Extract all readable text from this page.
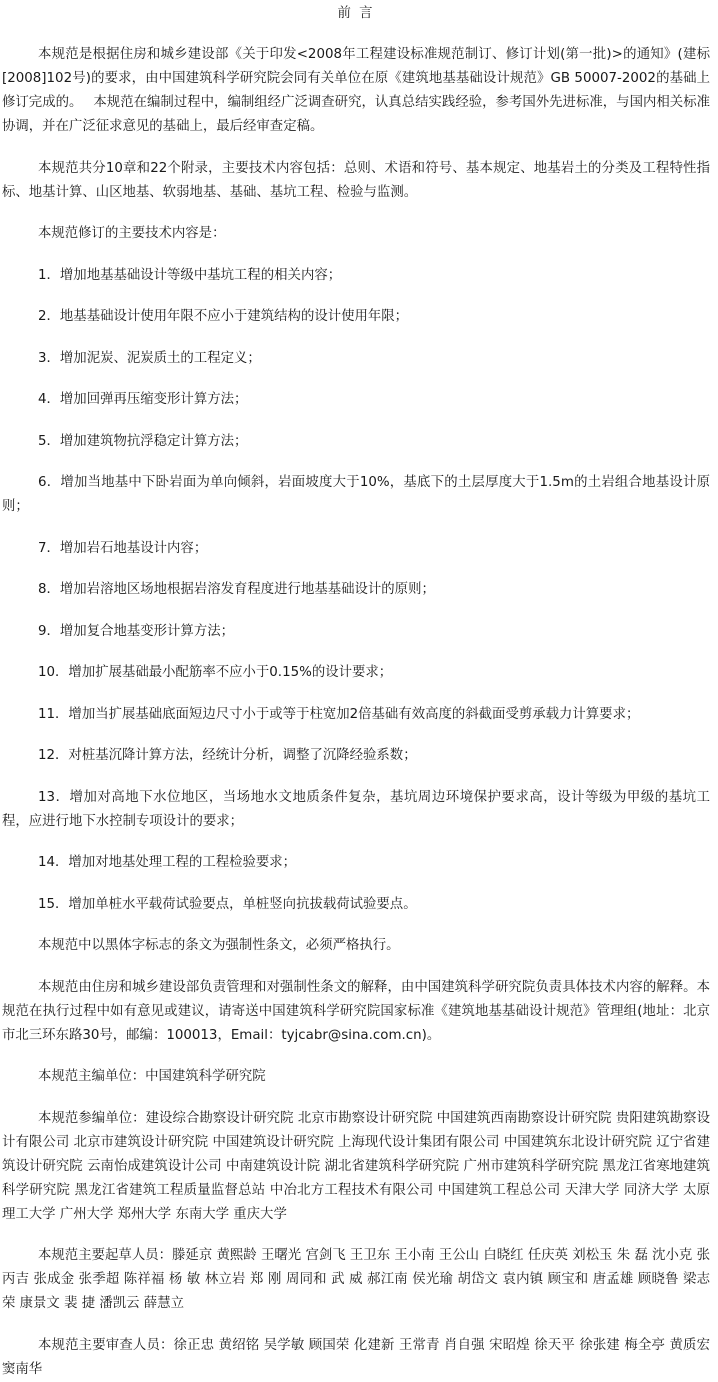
前 言

本规范是根据住房和城乡建设部《关于印发<2008年工程建设标准规范制订、修订计划(第一批)>的通知》(建标[2008]102号)的要求，由中国建筑科学研究院会同有关单位在原《建筑地基基础设计规范》GB 50007-2002的基础上修订完成的。　 本规范在编制过程中，编制组经广泛调查研究，认真总结实践经验，参考国外先进标准，与国内相关标准协调，并在广泛征求意见的基础上，最后经审查定稿。

本规范共分10章和22个附录，主要技术内容包括：总则、术语和符号、基本规定、地基岩土的分类及工程特性指标、地基计算、山区地基、软弱地基、基础、基坑工程、检验与监测。

本规范修订的主要技术内容是：

1．增加地基基础设计等级中基坑工程的相关内容；

2．地基基础设计使用年限不应小于建筑结构的设计使用年限；

3．增加泥炭、泥炭质土的工程定义；

4．增加回弹再压缩变形计算方法；

5．增加建筑物抗浮稳定计算方法；

6．增加当地基中下卧岩面为单向倾斜，岩面坡度大于10%，基底下的土层厚度大于1.5m的土岩组合地基设计原则；

7．增加岩石地基设计内容；

8．增加岩溶地区场地根据岩溶发育程度进行地基基础设计的原则；

9．增加复合地基变形计算方法；

10．增加扩展基础最小配筋率不应小于0.15%的设计要求；

11．增加当扩展基础底面短边尺寸小于或等于柱宽加2倍基础有效高度的斜截面受剪承载力计算要求；

12．对桩基沉降计算方法，经统计分析，调整了沉降经验系数；

13．增加对高地下水位地区，当场地水文地质条件复杂，基坑周边环境保护要求高，设计等级为甲级的基坑工程，应进行地下水控制专项设计的要求；

14．增加对地基处理工程的工程检验要求；

15．增加单桩水平载荷试验要点，单桩竖向抗拔载荷试验要点。

本规范中以黑体字标志的条文为强制性条文，必须严格执行。

本规范由住房和城乡建设部负责管理和对强制性条文的解释，由中国建筑科学研究院负责具体技术内容的解释。本规范在执行过程中如有意见或建议，请寄送中国建筑科学研究院国家标准《建筑地基基础设计规范》管理组(地址：北京市北三环东路30号，邮编：100013，Email：tyjcabr@sina.com.cn)。

本规范主编单位：中国建筑科学研究院

本规范参编单位：建设综合勘察设计研究院 北京市勘察设计研究院 中国建筑西南勘察设计研究院 贵阳建筑勘察设计有限公司 北京市建筑设计研究院 中国建筑设计研究院 上海现代设计集团有限公司 中国建筑东北设计研究院 辽宁省建筑设计研究院 云南怡成建筑设计公司 中南建筑设计院 湖北省建筑科学研究院 广州市建筑科学研究院 黑龙江省寒地建筑科学研究院 黑龙江省建筑工程质量监督总站 中冶北方工程技术有限公司 中国建筑工程总公司 天津大学 同济大学 太原理工大学 广州大学 郑州大学 东南大学 重庆大学

本规范主要起草人员：滕延京 黄熙龄 王曙光 宫剑飞 王卫东 王小南 王公山 白晓红 任庆英 刘松玉 朱 磊 沈小克 张丙吉 张成金 张季超 陈祥福 杨 敏 林立岩 郑 刚 周同和 武 威 郝江南 侯光瑜 胡岱文 袁内镇 顾宝和 唐孟雄 顾晓鲁 梁志荣 康景文 裴 捷 潘凯云 薛慧立

本规范主要审查人员：徐正忠 黄绍铭 吴学敏 顾国荣 化建新 王常青 肖自强 宋昭煌 徐天平 徐张建 梅全亭 黄质宏 窦南华
